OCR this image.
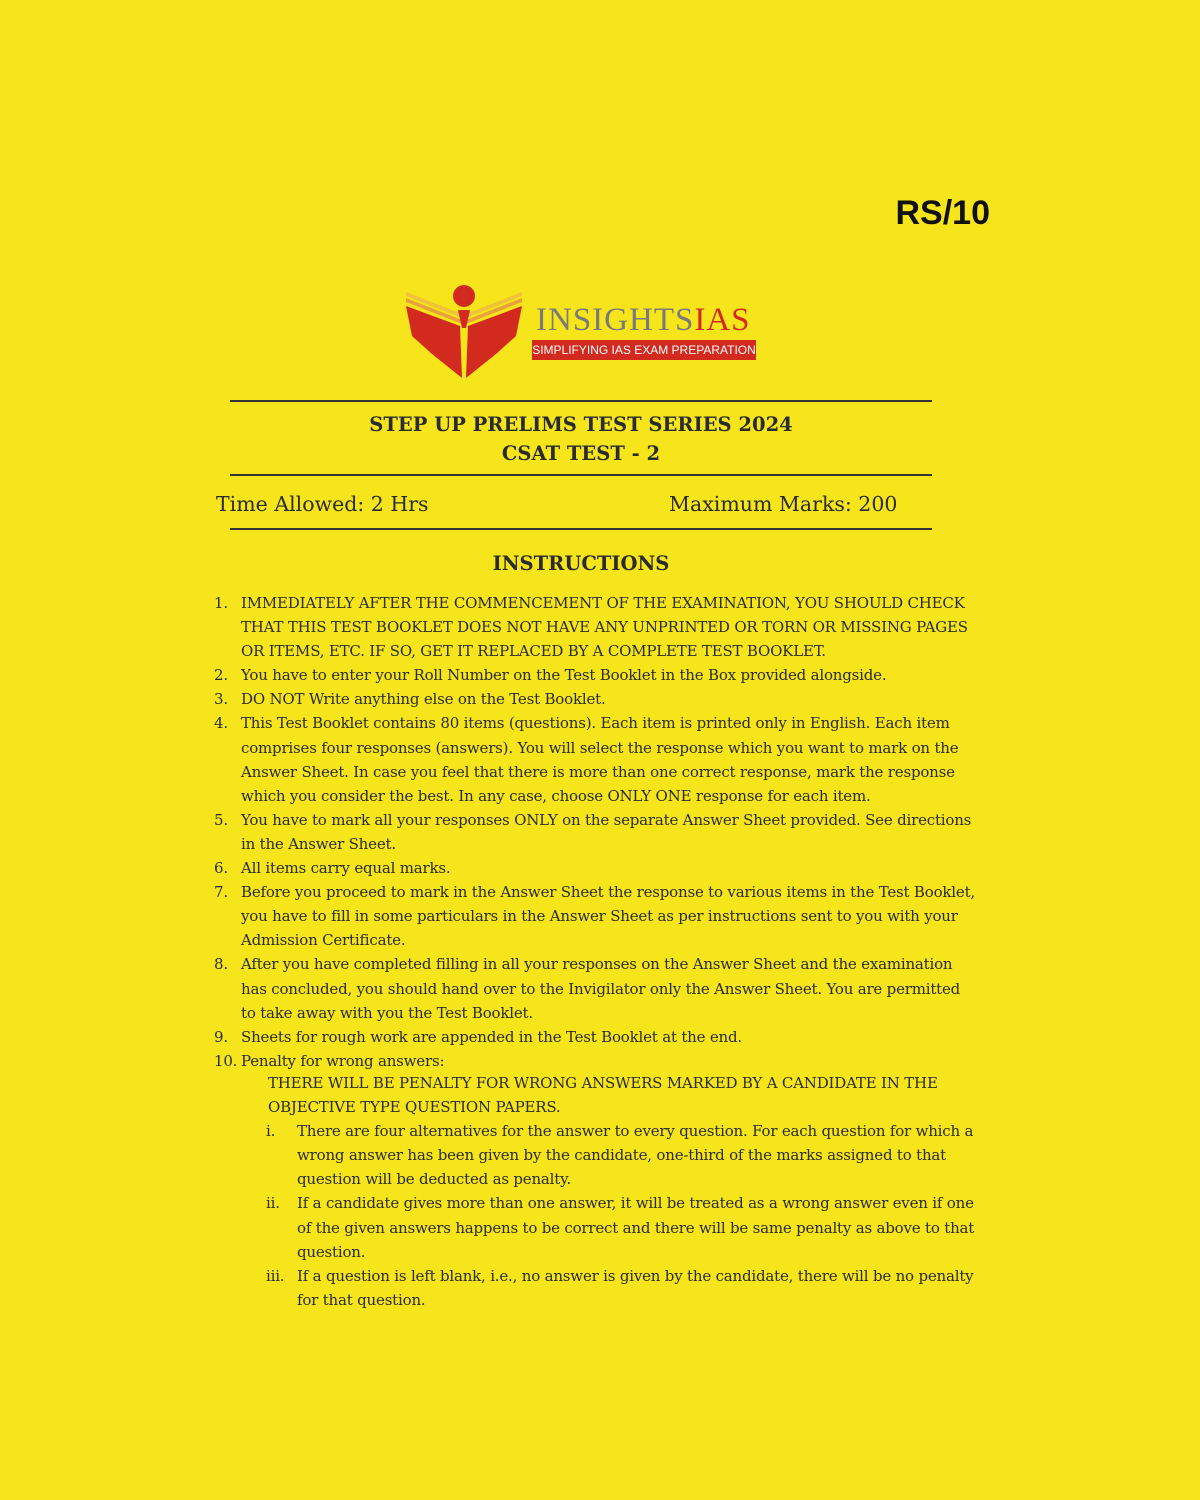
RS/10
INSIGHTSIAS
SIMPLIFYING IAS EXAM PREPARATION
STEP UP PRELIMS TEST SERIES 2024
CSAT TEST - 2
Time Allowed: 2 Hrs	Maximum Marks: 200
INSTRUCTIONS
1. IMMEDIATELY AFTER THE COMMENCEMENT OF THE EXAMINATION, YOU SHOULD CHECK THAT THIS TEST BOOKLET DOES NOT HAVE ANY UNPRINTED OR TORN OR MISSING PAGES OR ITEMS, ETC. IF SO, GET IT REPLACED BY A COMPLETE TEST BOOKLET.
2. You have to enter your Roll Number on the Test Booklet in the Box provided alongside.
3. DO NOT Write anything else on the Test Booklet.
4. This Test Booklet contains 80 items (questions). Each item is printed only in English. Each item comprises four responses (answers). You will select the response which you want to mark on the Answer Sheet. In case you feel that there is more than one correct response, mark the response which you consider the best. In any case, choose ONLY ONE response for each item.
5. You have to mark all your responses ONLY on the separate Answer Sheet provided. See directions in the Answer Sheet.
6. All items carry equal marks.
7. Before you proceed to mark in the Answer Sheet the response to various items in the Test Booklet, you have to fill in some particulars in the Answer Sheet as per instructions sent to you with your Admission Certificate.
8. After you have completed filling in all your responses on the Answer Sheet and the examination has concluded, you should hand over to the Invigilator only the Answer Sheet. You are permitted to take away with you the Test Booklet.
9. Sheets for rough work are appended in the Test Booklet at the end.
10. Penalty for wrong answers:
THERE WILL BE PENALTY FOR WRONG ANSWERS MARKED BY A CANDIDATE IN THE OBJECTIVE TYPE QUESTION PAPERS.
i. There are four alternatives for the answer to every question. For each question for which a wrong answer has been given by the candidate, one-third of the marks assigned to that question will be deducted as penalty.
ii. If a candidate gives more than one answer, it will be treated as a wrong answer even if one of the given answers happens to be correct and there will be same penalty as above to that question.
iii. If a question is left blank, i.e., no answer is given by the candidate, there will be no penalty for that question.
